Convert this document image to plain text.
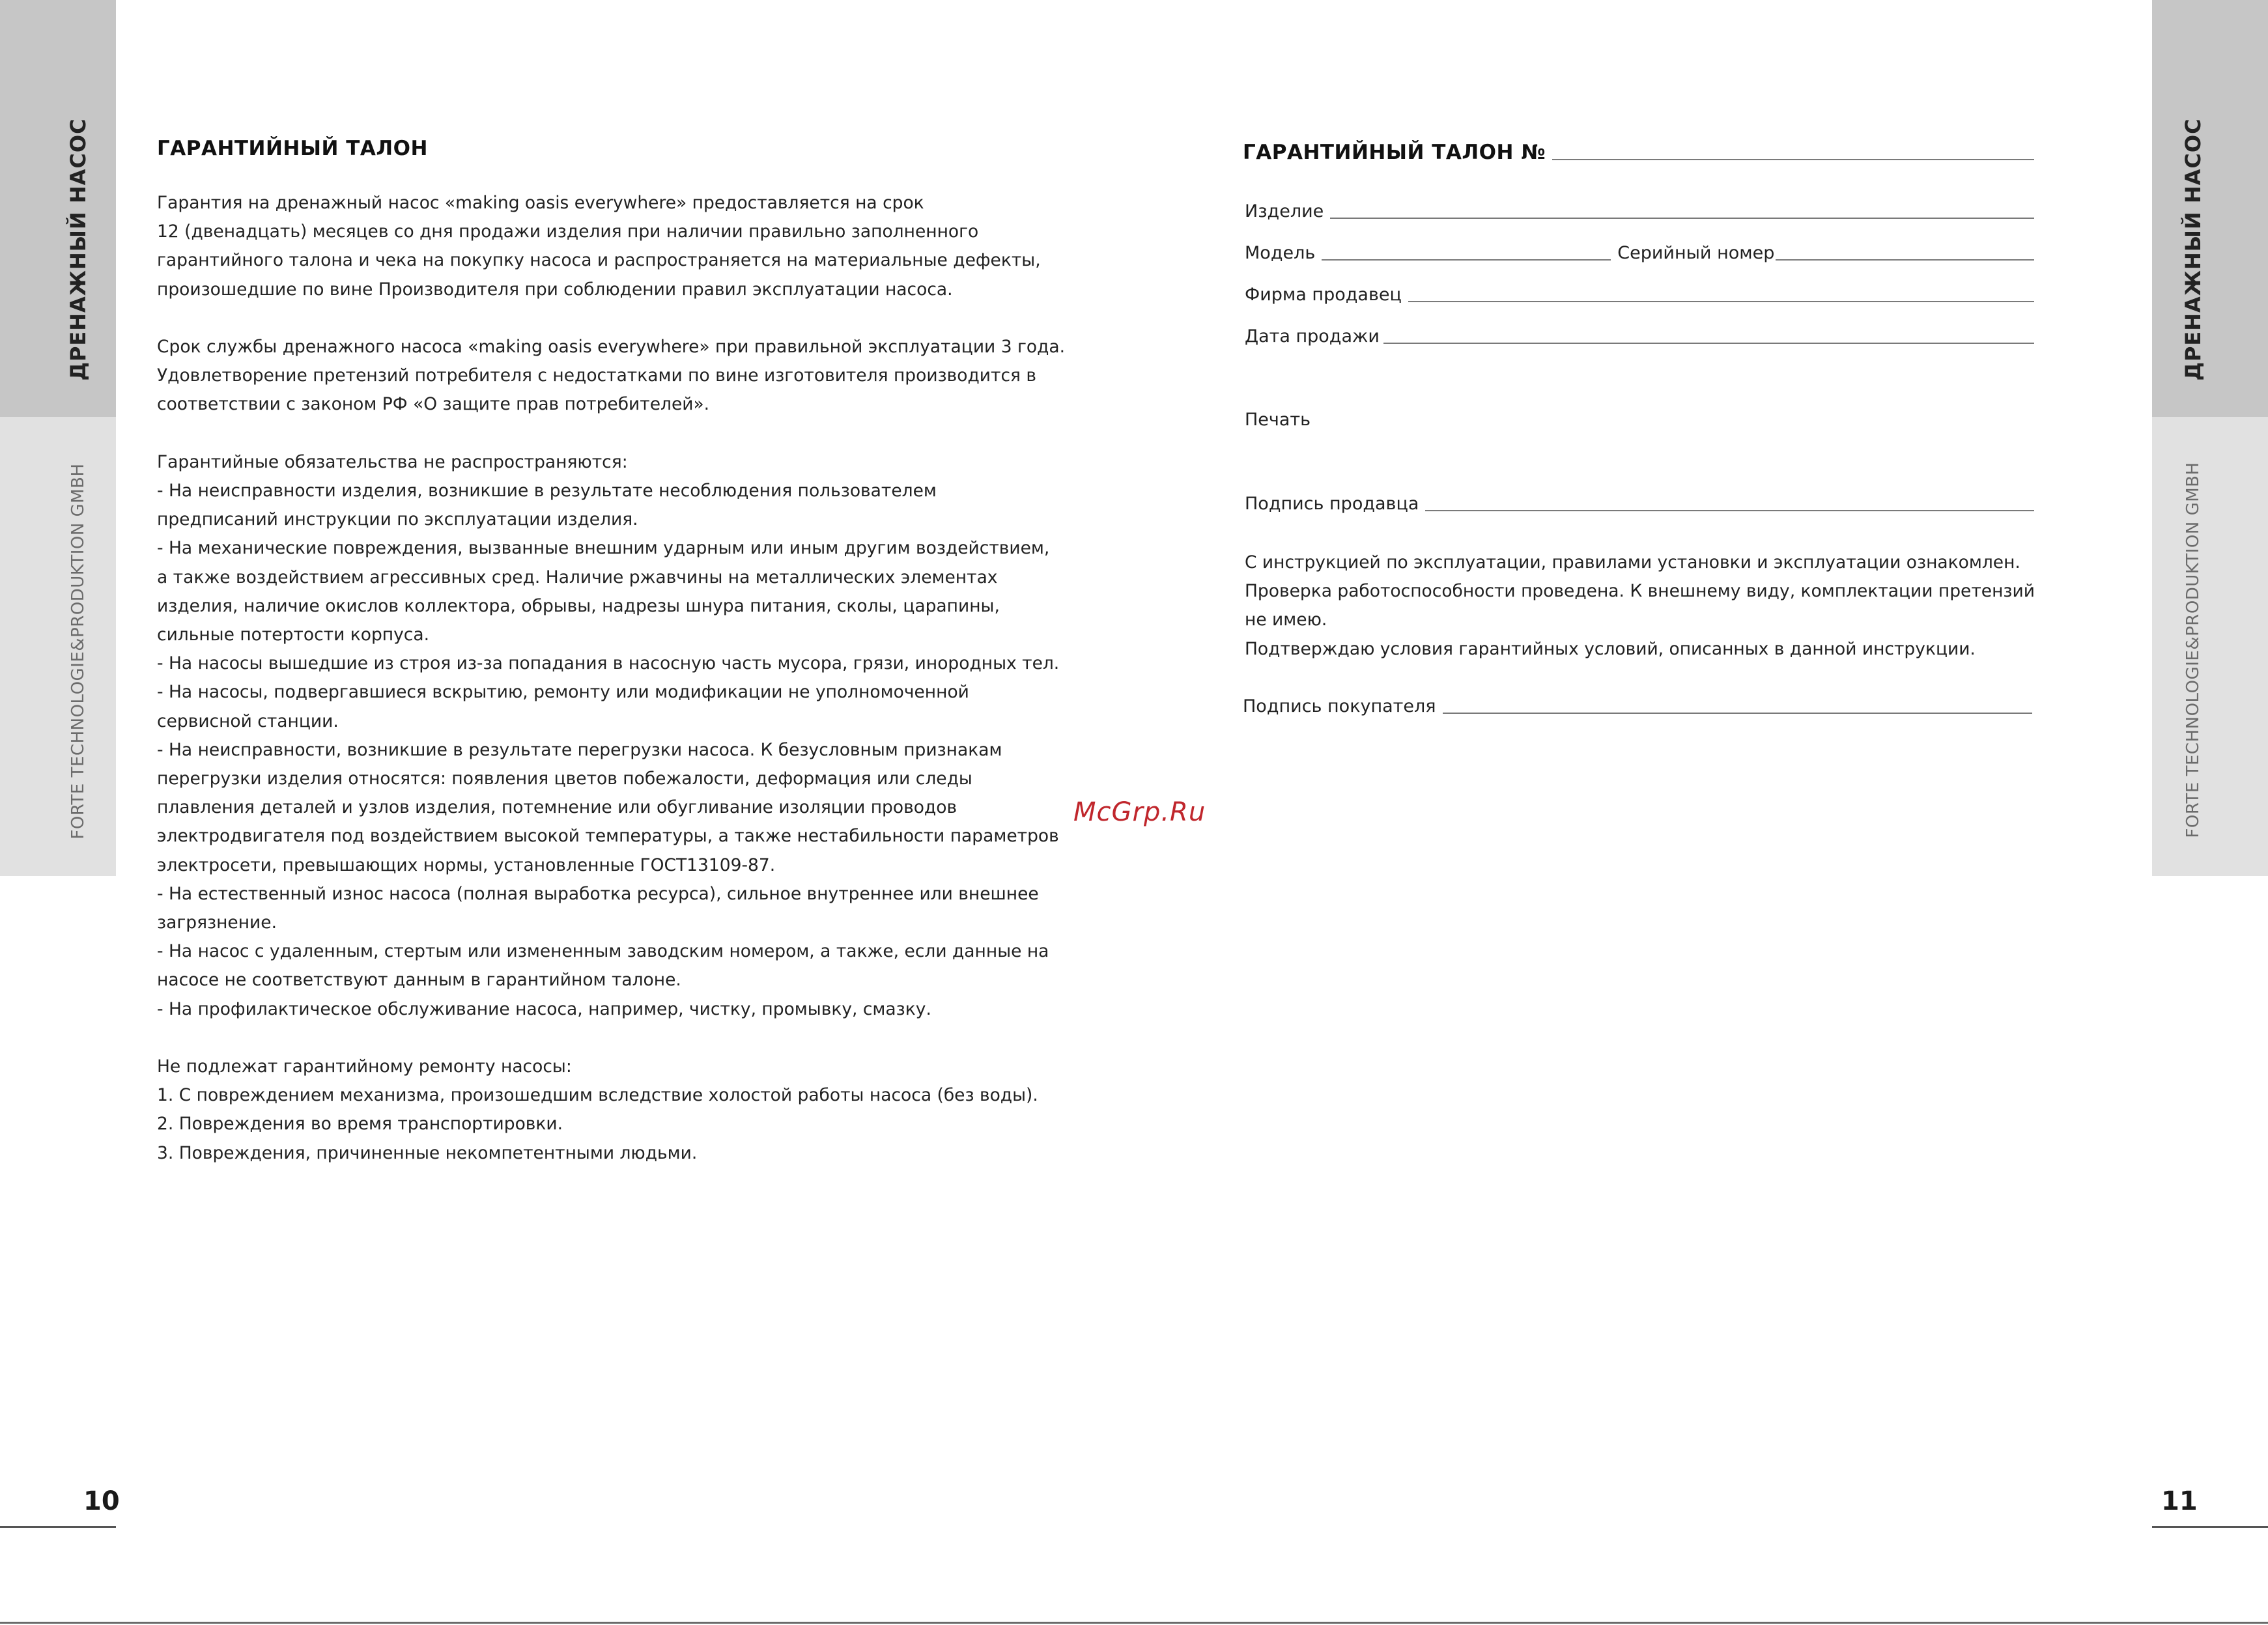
ДРЕНАЖНЫЙ НАСОС
FORTE TECHNOLOGIE&PRODUKTION GMBH
ДРЕНАЖНЫЙ НАСОС
FORTE TECHNOLOGIE&PRODUKTION GMBH
10	11
ГАРАНТИЙНЫЙ ТАЛОН
Гарантия на дренажный насос «making oasis everywhere» предоставляется на срок
12 (двенадцать) месяцев со дня продажи изделия при наличии правильно заполненного
гарантийного талона и чека на покупку насоса и распространяется на материальные дефекты,
произошедшие по вине Производителя при соблюдении правил эксплуатации насоса.
Срок службы дренажного насоса «making oasis everywhere» при правильной эксплуатации 3 года.
Удовлетворение претензий потребителя с недостатками по вине изготовителя производится в
соответствии с законом РФ «О защите прав потребителей».
Гарантийные обязательства не распространяются:
- На неисправности изделия, возникшие в результате несоблюдения пользователем
предписаний инструкции по эксплуатации изделия.
- На механические повреждения, вызванные внешним ударным или иным другим воздействием,
а также воздействием агрессивных сред. Наличие ржавчины на металлических элементах
изделия, наличие окислов коллектора, обрывы, надрезы шнура питания, сколы, царапины,
сильные потертости корпуса.
- На насосы вышедшие из строя из-за попадания в насосную часть мусора, грязи, инородных тел.
- На насосы, подвергавшиеся вскрытию, ремонту или модификации не уполномоченной
сервисной станции.
- На неисправности, возникшие в результате перегрузки насоса. К безусловным признакам
перегрузки изделия относятся: появления цветов побежалости, деформация или следы
плавления деталей и узлов изделия, потемнение или обугливание изоляции проводов
электродвигателя под воздействием высокой температуры, а также нестабильности параметров
электросети, превышающих нормы, установленные ГОСТ13109-87.
- На естественный износ насоса (полная выработка ресурса), сильное внутреннее или внешнее
загрязнение.
- На насос с удаленным, стертым или измененным заводским номером, а также, если данные на
насосе не соответствуют данным в гарантийном талоне.
- На профилактическое обслуживание насоса, например, чистку, промывку, смазку.
Не подлежат гарантийному ремонту насосы:
1. С повреждением механизма, произошедшим вследствие холостой работы насоса (без воды).
2. Повреждения во время транспортировки.
3. Повреждения, причиненные некомпетентными людьми.
ГАРАНТИЙНЫЙ ТАЛОН №
Изделие
Модель	Серийный номер
Фирма продавец
Дата продажи
Печать
Подпись продавца
С инструкцией по эксплуатации, правилами установки и эксплуатации ознакомлен.
Проверка работоспособности проведена. К внешнему виду, комплектации претензий
не имею.
Подтверждаю условия гарантийных условий, описанных в данной инструкции.
Подпись покупателя
McGrp.Ru
